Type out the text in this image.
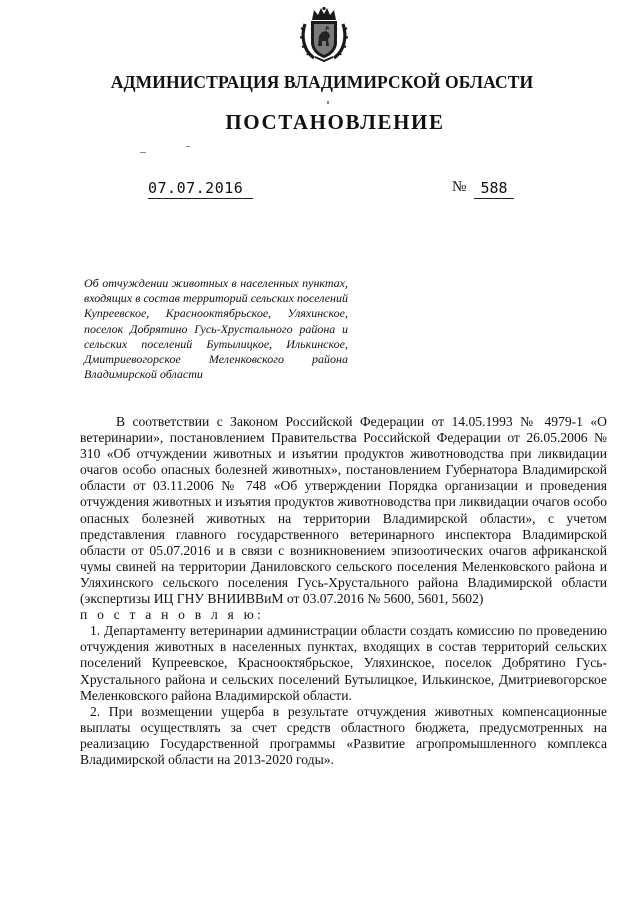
АДМИНИСТРАЦИЯ ВЛАДИМИРСКОЙ ОБЛАСТИ
ПОСТАНОВЛЕНИЕ
07.07.2016	№ 588
Об отчуждении животных в населенных пунктах, входящих в состав территорий сельских поселений Купреевское, Краснооктябрьское, Уляхинское, поселок Добрятино Гусь-Хрустального района и сельских поселений Бутылицкое, Илькинское, Дмитриевогорское Меленковского района Владимирской области

В соответствии с Законом Российской Федерации от 14.05.1993 № 4979-1 «О ветеринарии», постановлением Правительства Российской Федерации от 26.05.2006 № 310 «Об отчуждении животных и изъятии продуктов животноводства при ликвидации очагов особо опасных болезней животных», постановлением Губернатора Владимирской области от 03.11.2006 № 748 «Об утверждении Порядка организации и проведения отчуждения животных и изъятия продуктов животноводства при ликвидации очагов особо опасных болезней животных на территории Владимирской области», с учетом представления главного государственного ветеринарного инспектора Владимирской области от 05.07.2016 и в связи с возникновением эпизоотических очагов африканской чумы свиней на территории Даниловского сельского поселения Меленковского района и Уляхинского сельского поселения Гусь-Хрустального района Владимирской области (экспертизы ИЦ ГНУ ВНИИВВиМ от 03.07.2016 № 5600, 5601, 5602)

п о с т а н о в л я ю:

1. Департаменту ветеринарии администрации области создать комиссию по проведению отчуждения животных в населенных пунктах, входящих в состав территорий сельских поселений Купреевское, Краснооктябрьское, Уляхинское, поселок Добрятино Гусь-Хрустального района и сельских поселений Бутылицкое, Илькинское, Дмитриевогорское Меленковского района Владимирской области.

2. При возмещении ущерба в результате отчуждения животных компенсационные выплаты осуществлять за счет средств областного бюджета, предусмотренных на реализацию Государственной программы «Развитие агропромышленного комплекса Владимирской области на 2013-2020 годы».
